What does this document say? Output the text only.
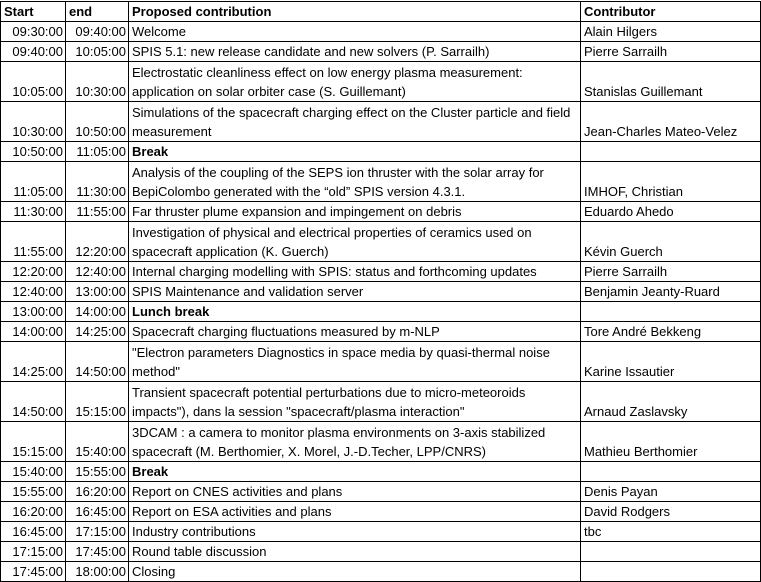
Start	end	Proposed contribution	Contributor
09:30:00	09:40:00	Welcome	Alain Hilgers
09:40:00	10:05:00	SPIS 5.1: new release candidate and new solvers (P. Sarrailh)	Pierre Sarrailh
10:05:00	10:30:00	Electrostatic cleanliness effect on low energy plasma measurement: application on solar orbiter case (S. Guillemant)	Stanislas Guillemant
10:30:00	10:50:00	Simulations of the spacecraft charging effect on the Cluster particle and field measurement	Jean-Charles Mateo-Velez
10:50:00	11:05:00	Break	
11:05:00	11:30:00	Analysis of the coupling of the SEPS ion thruster with the solar array for BepiColombo generated with the “old” SPIS version 4.3.1.	IMHOF, Christian
11:30:00	11:55:00	Far thruster plume expansion and impingement on debris	Eduardo Ahedo
11:55:00	12:20:00	Investigation of physical and electrical properties of ceramics used on spacecraft application (K. Guerch)	Kévin Guerch
12:20:00	12:40:00	Internal charging modelling with SPIS: status and forthcoming updates	Pierre Sarrailh
12:40:00	13:00:00	SPIS Maintenance and validation server	Benjamin Jeanty-Ruard
13:00:00	14:00:00	Lunch break	
14:00:00	14:25:00	Spacecraft charging fluctuations measured by m-NLP	Tore André Bekkeng
14:25:00	14:50:00	"Electron parameters Diagnostics in space media by quasi-thermal noise method"	Karine Issautier
14:50:00	15:15:00	Transient spacecraft potential perturbations due to micro-meteoroids impacts"), dans la session "spacecraft/plasma interaction"	Arnaud Zaslavsky
15:15:00	15:40:00	3DCAM : a camera to monitor plasma environments on 3-axis stabilized spacecraft (M. Berthomier, X. Morel, J.-D.Techer, LPP/CNRS)	Mathieu Berthomier
15:40:00	15:55:00	Break	
15:55:00	16:20:00	Report on CNES activities and plans	Denis Payan
16:20:00	16:45:00	Report on ESA activities and plans	David Rodgers
16:45:00	17:15:00	Industry contributions	tbc
17:15:00	17:45:00	Round table discussion	
17:45:00	18:00:00	Closing	
